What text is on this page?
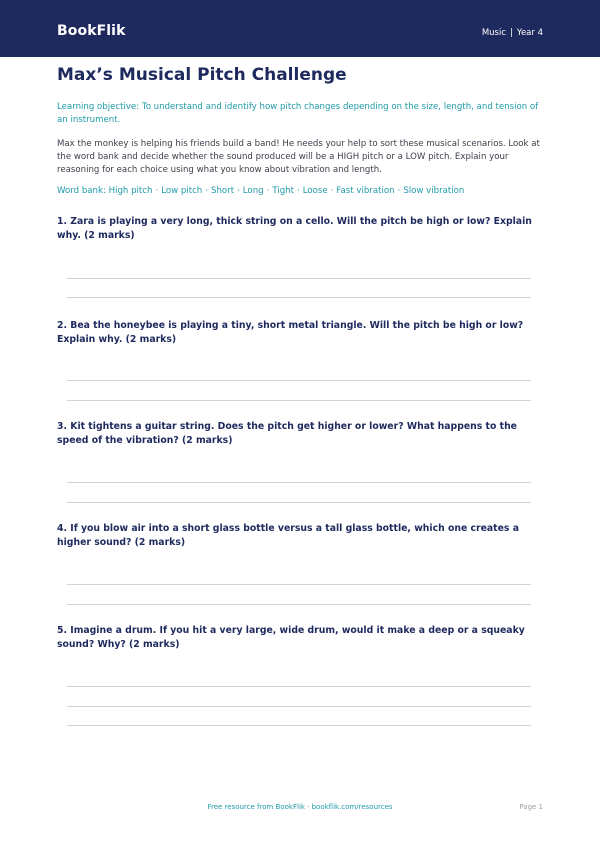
BookFlik	Music | Year 4
Max’s Musical Pitch Challenge
Learning objective: To understand and identify how pitch changes depending on the size, length, and tension of an instrument.
Max the monkey is helping his friends build a band! He needs your help to sort these musical scenarios. Look at the word bank and decide whether the sound produced will be a HIGH pitch or a LOW pitch. Explain your reasoning for each choice using what you know about vibration and length.
Word bank: High pitch · Low pitch · Short · Long · Tight · Loose · Fast vibration · Slow vibration
1. Zara is playing a very long, thick string on a cello. Will the pitch be high or low? Explain why. (2 marks)
2. Bea the honeybee is playing a tiny, short metal triangle. Will the pitch be high or low? Explain why. (2 marks)
3. Kit tightens a guitar string. Does the pitch get higher or lower? What happens to the speed of the vibration? (2 marks)
4. If you blow air into a short glass bottle versus a tall glass bottle, which one creates a higher sound? (2 marks)
5. Imagine a drum. If you hit a very large, wide drum, would it make a deep or a squeaky sound? Why? (2 marks)
Free resource from BookFlik · bookflik.com/resources	Page 1
